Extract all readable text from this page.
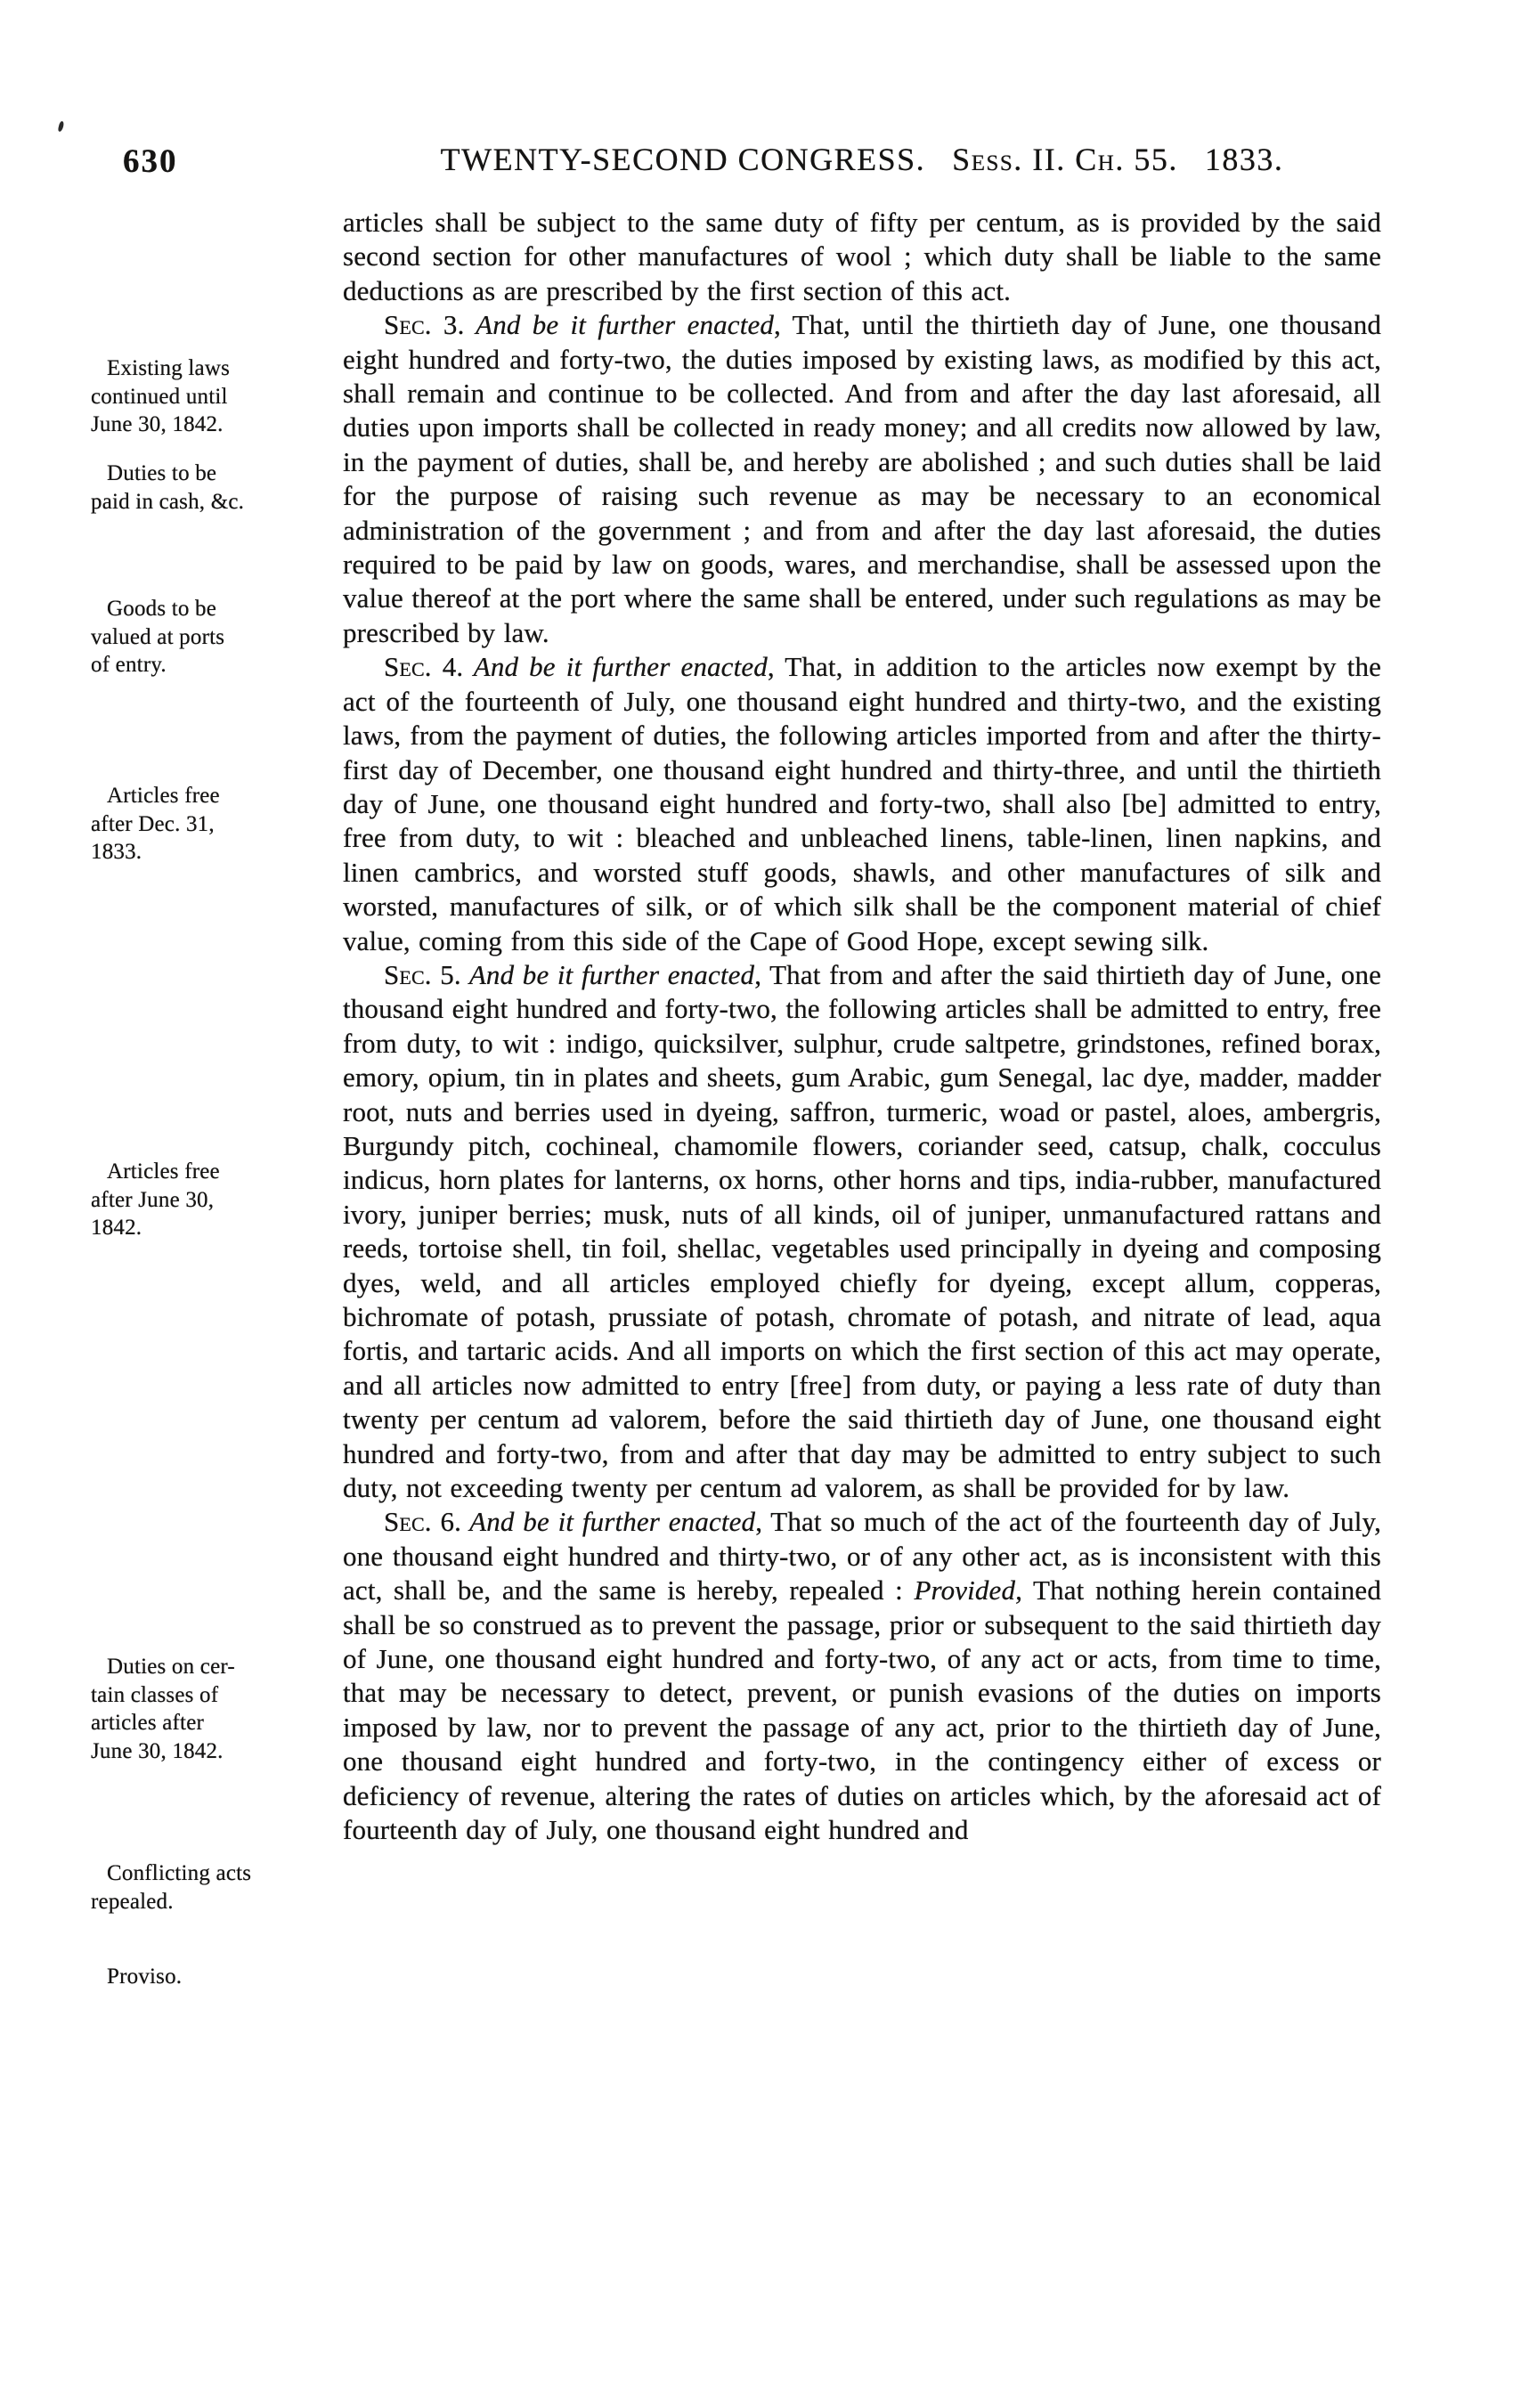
630	TWENTY-SECOND CONGRESS. Sess. II. Ch. 55. 1833.
Existing laws
continued until
June 30, 1842.
Duties to be
paid in cash, &c.
Goods to be
valued at ports
of entry.
Articles free
after Dec. 31,
1833.
Articles free
after June 30,
1842.
Duties on cer-
tain classes of
articles after
June 30, 1842.
Conflicting acts
repealed.
Proviso.

articles shall be subject to the same duty of fifty per centum, as is provided by the said second section for other manufactures of wool ; which duty shall be liable to the same deductions as are prescribed by the first section of this act.

Sec. 3. And be it further enacted, That, until the thirtieth day of June, one thousand eight hundred and forty-two, the duties imposed by existing laws, as modified by this act, shall remain and continue to be collected. And from and after the day last aforesaid, all duties upon imports shall be collected in ready money; and all credits now allowed by law, in the payment of duties, shall be, and hereby are abolished ; and such duties shall be laid for the purpose of raising such revenue as may be necessary to an economical administration of the government ; and from and after the day last aforesaid, the duties required to be paid by law on goods, wares, and merchandise, shall be assessed upon the value thereof at the port where the same shall be entered, under such regulations as may be prescribed by law.

Sec. 4. And be it further enacted, That, in addition to the articles now exempt by the act of the fourteenth of July, one thousand eight hundred and thirty-two, and the existing laws, from the payment of duties, the following articles imported from and after the thirty-first day of December, one thousand eight hundred and thirty-three, and until the thirtieth day of June, one thousand eight hundred and forty-two, shall also [be] admitted to entry, free from duty, to wit : bleached and unbleached linens, table-linen, linen napkins, and linen cambrics, and worsted stuff goods, shawls, and other manufactures of silk and worsted, manufactures of silk, or of which silk shall be the component material of chief value, coming from this side of the Cape of Good Hope, except sewing silk.

Sec. 5. And be it further enacted, That from and after the said thirtieth day of June, one thousand eight hundred and forty-two, the following articles shall be admitted to entry, free from duty, to wit : indigo, quicksilver, sulphur, crude saltpetre, grindstones, refined borax, emory, opium, tin in plates and sheets, gum Arabic, gum Senegal, lac dye, madder, madder root, nuts and berries used in dyeing, saffron, turmeric, woad or pastel, aloes, ambergris, Burgundy pitch, cochineal, chamomile flowers, coriander seed, catsup, chalk, cocculus indicus, horn plates for lanterns, ox horns, other horns and tips, india-rubber, manufactured ivory, juniper berries; musk, nuts of all kinds, oil of juniper, unmanufactured rattans and reeds, tortoise shell, tin foil, shellac, vegetables used principally in dyeing and composing dyes, weld, and all articles employed chiefly for dyeing, except allum, copperas, bichromate of potash, prussiate of potash, chromate of potash, and nitrate of lead, aqua fortis, and tartaric acids. And all imports on which the first section of this act may operate, and all articles now admitted to entry [free] from duty, or paying a less rate of duty than twenty per centum ad valorem, before the said thirtieth day of June, one thousand eight hundred and forty-two, from and after that day may be admitted to entry subject to such duty, not exceeding twenty per centum ad valorem, as shall be provided for by law.

Sec. 6. And be it further enacted, That so much of the act of the fourteenth day of July, one thousand eight hundred and thirty-two, or of any other act, as is inconsistent with this act, shall be, and the same is hereby, repealed : Provided, That nothing herein contained shall be so construed as to prevent the passage, prior or subsequent to the said thirtieth day of June, one thousand eight hundred and forty-two, of any act or acts, from time to time, that may be necessary to detect, prevent, or punish evasions of the duties on imports imposed by law, nor to prevent the passage of any act, prior to the thirtieth day of June, one thousand eight hundred and forty-two, in the contingency either of excess or deficiency of revenue, altering the rates of duties on articles which, by the aforesaid act of fourteenth day of July, one thousand eight hundred and
